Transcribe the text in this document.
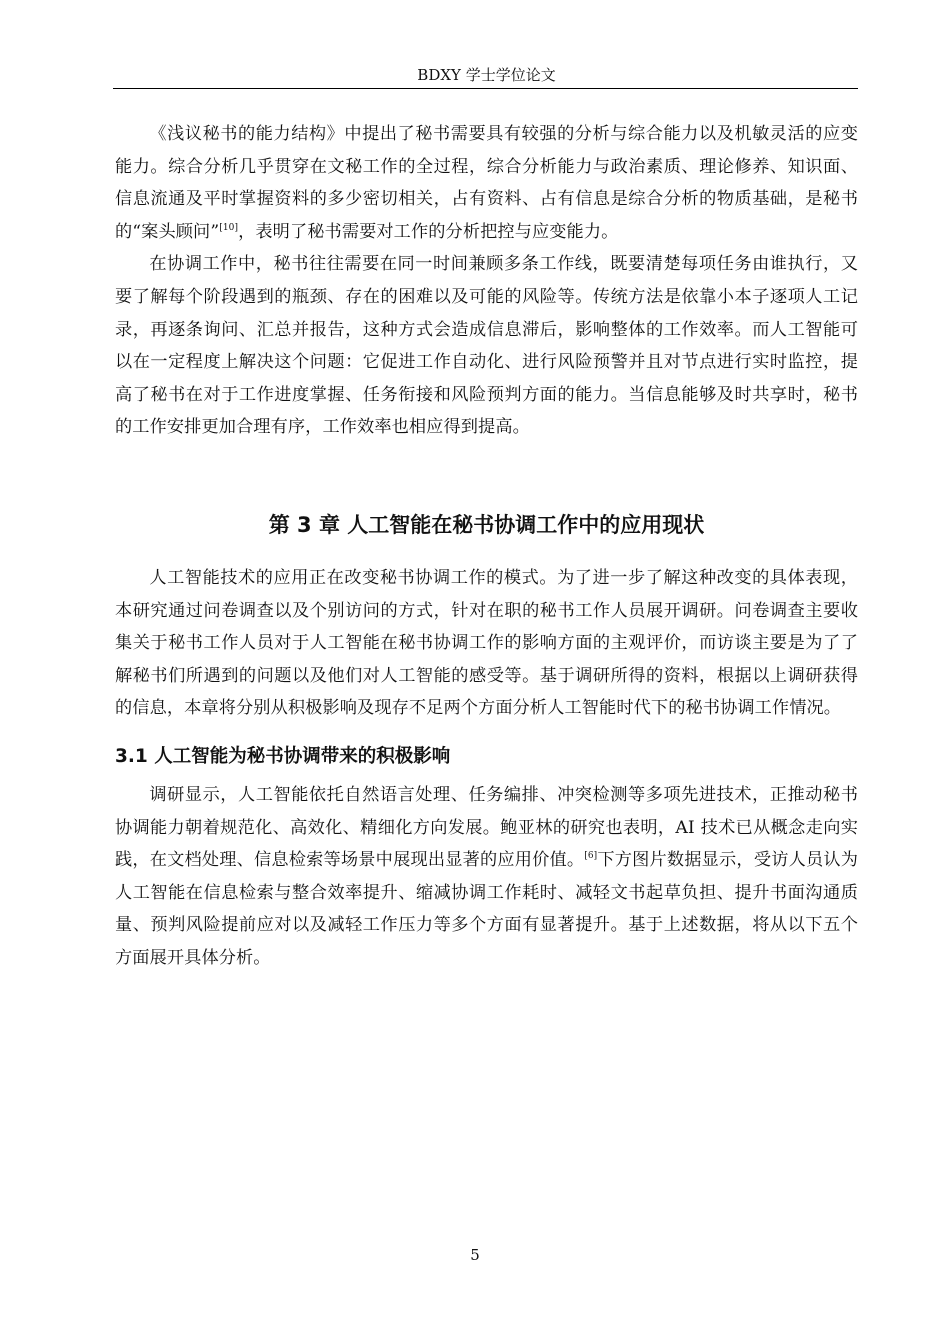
BDXY 学士学位论文

《浅议秘书的能力结构》中提出了秘书需要具有较强的分析与综合能力以及机敏灵活的应变能力。综合分析几乎贯穿在文秘工作的全过程，综合分析能力与政治素质、理论修养、知识面、信息流通及平时掌握资料的多少密切相关，占有资料、占有信息是综合分析的物质基础，是秘书的“案头顾问”[10]，表明了秘书需要对工作的分析把控与应变能力。

在协调工作中，秘书往往需要在同一时间兼顾多条工作线，既要清楚每项任务由谁执行，又要了解每个阶段遇到的瓶颈、存在的困难以及可能的风险等。传统方法是依靠小本子逐项人工记录，再逐条询问、汇总并报告，这种方式会造成信息滞后，影响整体的工作效率。而人工智能可以在一定程度上解决这个问题：它促进工作自动化、进行风险预警并且对节点进行实时监控，提高了秘书在对于工作进度掌握、任务衔接和风险预判方面的能力。当信息能够及时共享时，秘书的工作安排更加合理有序，工作效率也相应得到提高。

第 3 章 人工智能在秘书协调工作中的应用现状

人工智能技术的应用正在改变秘书协调工作的模式。为了进一步了解这种改变的具体表现，本研究通过问卷调查以及个别访问的方式，针对在职的秘书工作人员展开调研。问卷调查主要收集关于秘书工作人员对于人工智能在秘书协调工作的影响方面的主观评价，而访谈主要是为了了解秘书们所遇到的问题以及他们对人工智能的感受等。基于调研所得的资料，根据以上调研获得的信息，本章将分别从积极影响及现存不足两个方面分析人工智能时代下的秘书协调工作情况。

3.1 人工智能为秘书协调带来的积极影响

调研显示，人工智能依托自然语言处理、任务编排、冲突检测等多项先进技术，正推动秘书协调能力朝着规范化、高效化、精细化方向发展。鲍亚林的研究也表明，AI 技术已从概念走向实践，在文档处理、信息检索等场景中展现出显著的应用价值。[6]下方图片数据显示，受访人员认为人工智能在信息检索与整合效率提升、缩减协调工作耗时、减轻文书起草负担、提升书面沟通质量、预判风险提前应对以及减轻工作压力等多个方面有显著提升。基于上述数据，将从以下五个方面展开具体分析。

5
